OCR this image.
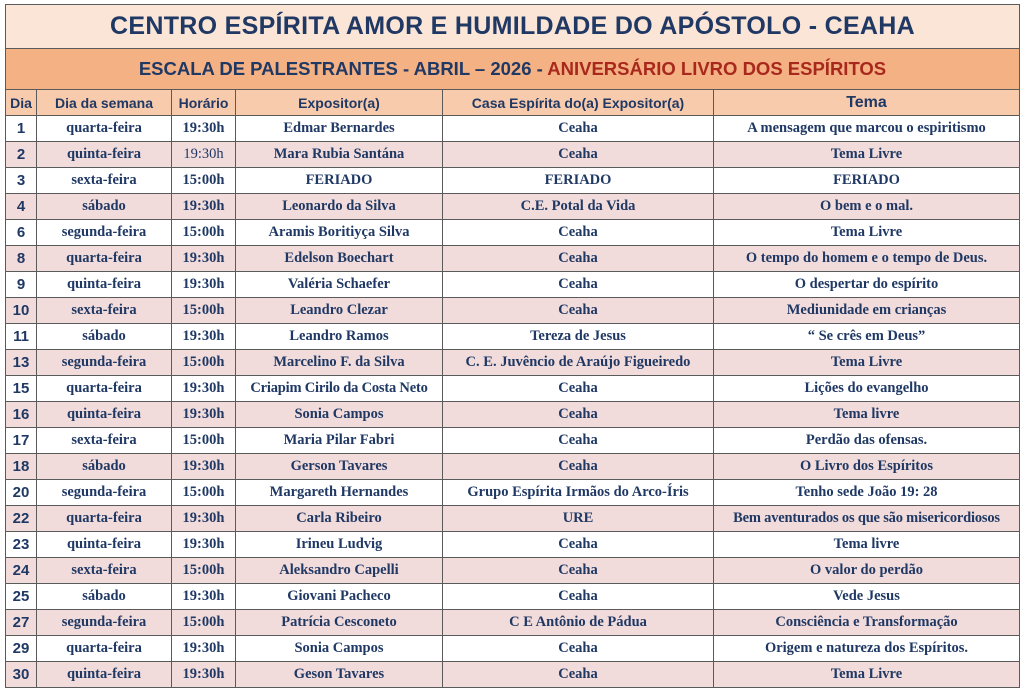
CENTRO ESPÍRITA AMOR E HUMILDADE DO APÓSTOLO - CEAHA					
ESCALA DE PALESTRANTES - ABRIL – 2026 - ANIVERSÁRIO LIVRO DOS ESPÍRITOS					
Dia	Dia da semana	Horário	Expositor(a)	Casa Espírita do(a) Expositor(a)	Tema
1	quarta-feira	19:30h	Edmar Bernardes	Ceaha	A mensagem que marcou o espiritismo
2	quinta-feira	19:30h	Mara Rubia Santána	Ceaha	Tema Livre
3	sexta-feira	15:00h	FERIADO	FERIADO	FERIADO
4	sábado	19:30h	Leonardo da Silva	C.E. Potal da Vida	O bem e o mal.
6	segunda-feira	15:00h	Aramis Boritiyça Silva	Ceaha	Tema Livre
8	quarta-feira	19:30h	Edelson Boechart	Ceaha	O tempo do homem e o tempo de Deus.
9	quinta-feira	19:30h	Valéria Schaefer	Ceaha	O despertar do espírito
10	sexta-feira	15:00h	Leandro Clezar	Ceaha	Mediunidade em crianças
11	sábado	19:30h	Leandro Ramos	Tereza de Jesus	“ Se crês em Deus”
13	segunda-feira	15:00h	Marcelino F. da Silva	C. E. Juvêncio de Araújo Figueiredo	Tema Livre
15	quarta-feira	19:30h	Criapim Cirilo da Costa Neto	Ceaha	Lições do evangelho
16	quinta-feira	19:30h	Sonia Campos	Ceaha	Tema livre
17	sexta-feira	15:00h	Maria Pilar Fabri	Ceaha	Perdão das ofensas.
18	sábado	19:30h	Gerson Tavares	Ceaha	O Livro dos Espíritos
20	segunda-feira	15:00h	Margareth Hernandes	Grupo Espírita Irmãos do Arco-Íris	Tenho sede João 19: 28
22	quarta-feira	19:30h	Carla Ribeiro	URE	Bem aventurados os que são misericordiosos
23	quinta-feira	19:30h	Irineu Ludvig	Ceaha	Tema livre
24	sexta-feira	15:00h	Aleksandro Capelli	Ceaha	O valor do perdão
25	sábado	19:30h	Giovani Pacheco	Ceaha	Vede Jesus
27	segunda-feira	15:00h	Patrícia Cesconeto	C E Antônio de Pádua	Consciência e Transformação
29	quarta-feira	19:30h	Sonia Campos	Ceaha	Origem e natureza dos Espíritos.
30	quinta-feira	19:30h	Geson Tavares	Ceaha	Tema Livre
